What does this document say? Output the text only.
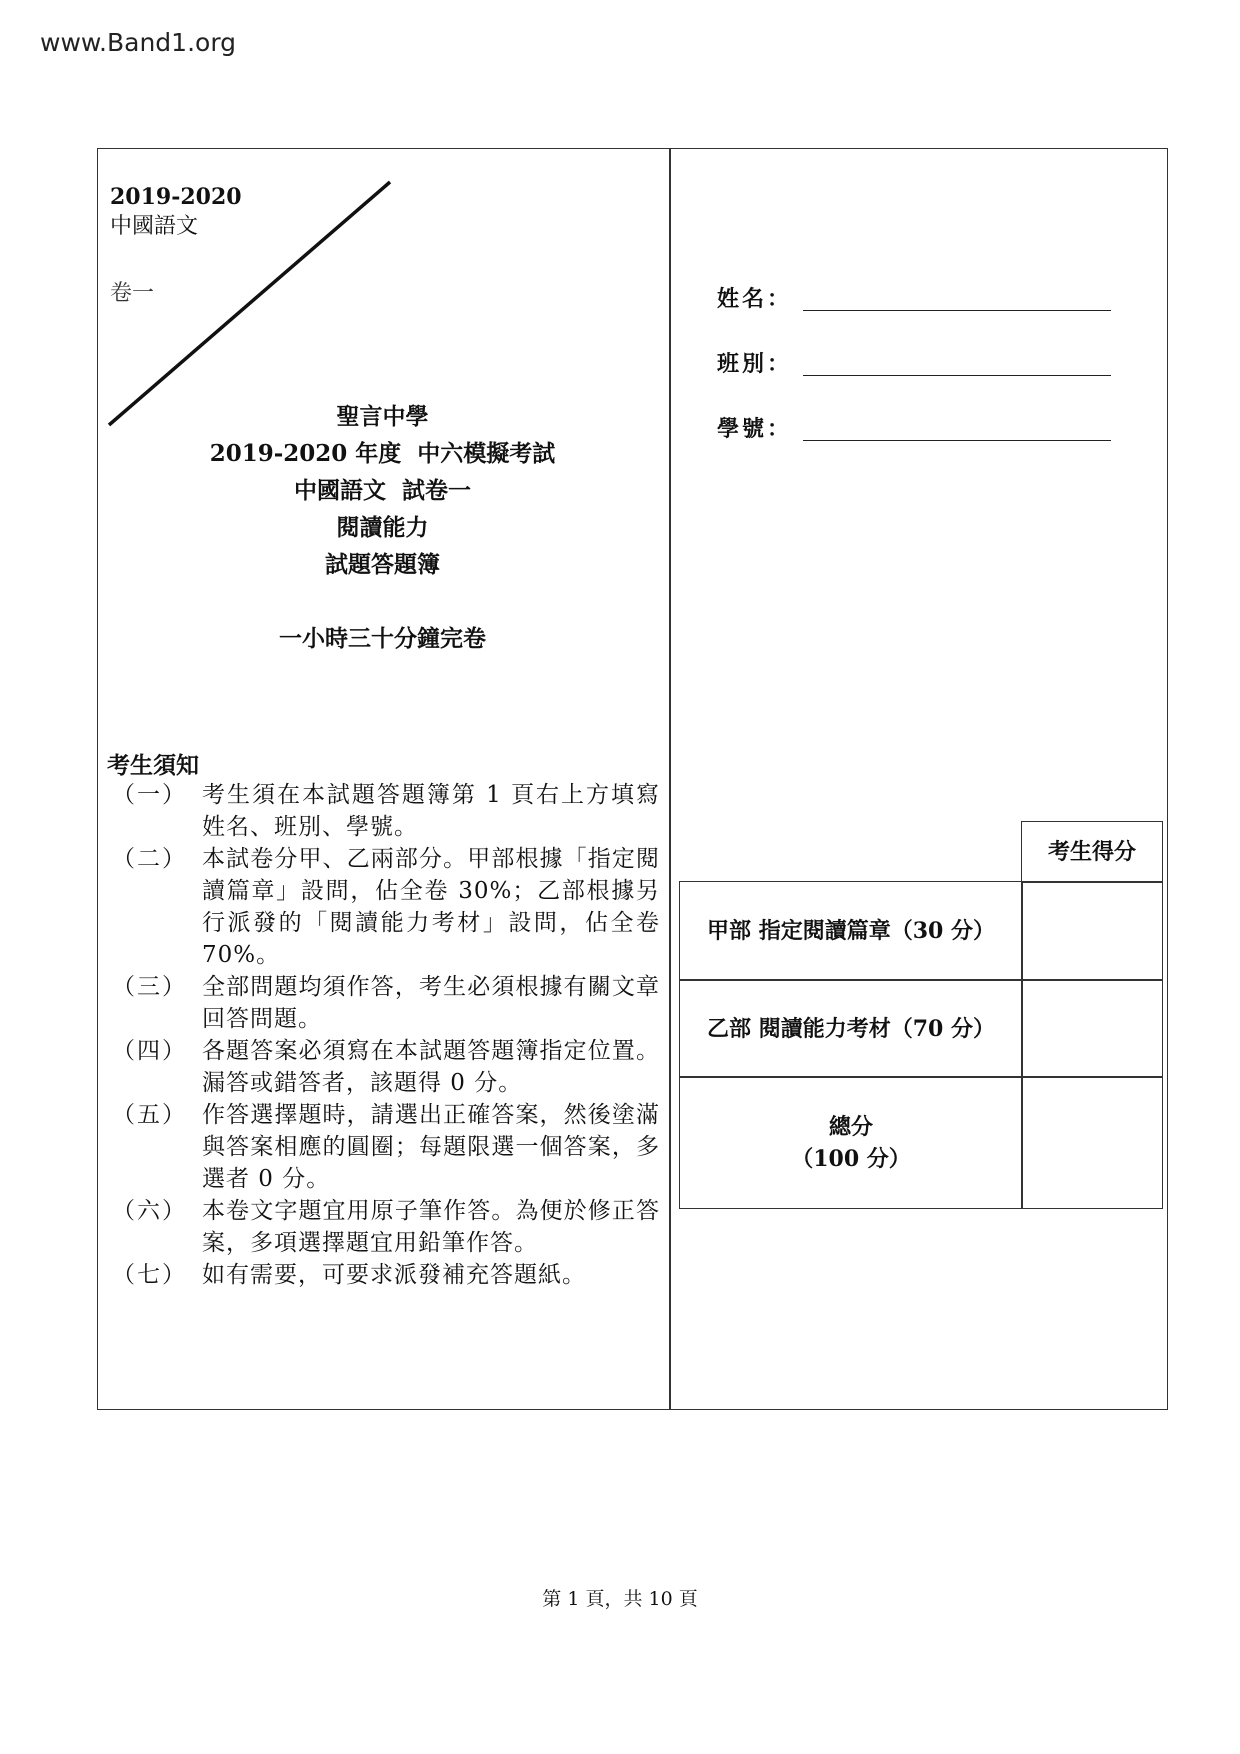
www.Band1.org
2019-2020
中國語文
卷一
聖言中學
2019-2020 年度  中六模擬考試
中國語文  試卷一
閱讀能力
試題答題簿
一小時三十分鐘完卷
考生須知
（一） 考生須在本試題答題簿第 1 頁右上方填寫姓名、班別、學號。
（二） 本試卷分甲、乙兩部分。甲部根據「指定閱讀篇章」設問，佔全卷 30%；乙部根據另行派發的「閱讀能力考材」設問，佔全卷 70%。
（三） 全部問題均須作答，考生必須根據有關文章回答問題。
（四） 各題答案必須寫在本試題答題簿指定位置。漏答或錯答者，該題得 0 分。
（五） 作答選擇題時，請選出正確答案，然後塗滿與答案相應的圓圈；每題限選一個答案，多選者 0 分。
（六） 本卷文字題宜用原子筆作答。為便於修正答案，多項選擇題宜用鉛筆作答。
（七） 如有需要，可要求派發補充答題紙。
姓名：
班別：
學號：
考生得分
甲部 指定閱讀篇章（30 分）
乙部 閱讀能力考材（70 分）
總分
（100 分）
第 1 頁，共 10 頁
